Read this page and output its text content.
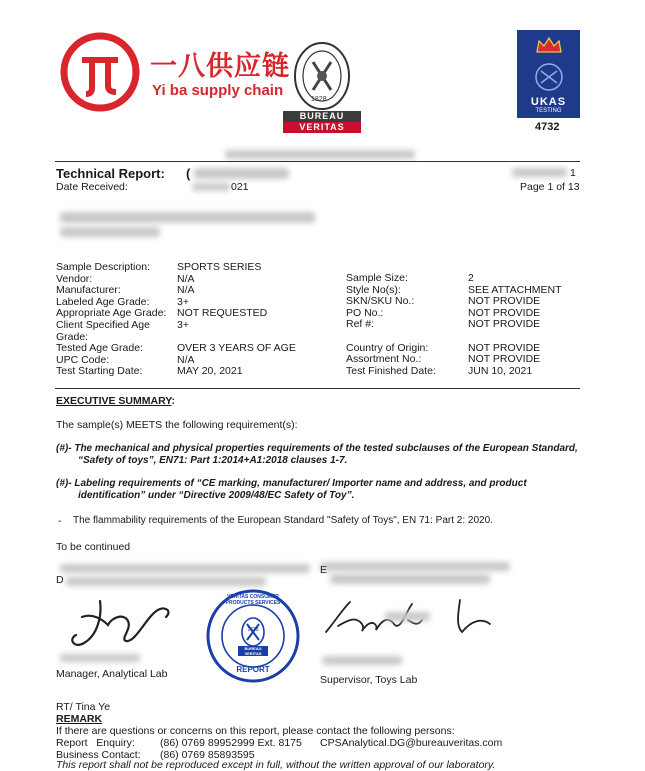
一八供应链
Yi ba supply chain
1828
BUREAU
VERITAS
UKAS
TESTING
4732
Technical Report: (	1
Date Received:	021	Page 1 of 13
Sample Description:	SPORTS SERIES
Vendor:	N/A
Manufacturer:	N/A
Labeled Age Grade:	3+
Appropriate Age Grade: NOT REQUESTED
Client Specified Age	3+
Grade:
Tested Age Grade:	OVER 3 YEARS OF AGE
UPC Code:	N/A
Test Starting Date:	MAY 20, 2021
Sample Size:	2
Style No(s):	SEE ATTACHMENT
SKN/SKU No.:	NOT PROVIDE
PO No.:	NOT PROVIDE
Ref #:	NOT PROVIDE
Country of Origin:	NOT PROVIDE
Assortment No.:	NOT PROVIDE
Test Finished Date:	JUN 10, 2021
EXECUTIVE SUMMARY:
The sample(s) MEETS the following requirement(s):
(#)- The mechanical and physical properties requirements of the tested subclauses of the European Standard,
“Safety of toys”, EN71: Part 1:2014+A1:2018 clauses 1-7.
(#)- Labeling requirements of “CE marking, manufacturer/ Importer name and address, and product
identification” under “Directive 2009/48/EC Safety of Toy”.
- The flammability requirements of the European Standard "Safety of Toys", EN 71: Part 2: 2020.
To be continued
D
E
Manager, Analytical Lab
VERITAS CONSUMER PRODUCTS SERVICES
BUREAU VERITAS
1828
REPORT
Supervisor, Toys Lab
RT/ Tina Ye
REMARK
If there are questions or concerns on this report, please contact the following persons:
Report   Enquiry: (86) 0769 89952999 Ext. 8175 CPSAnalytical.DG@bureauveritas.com
Business Contact: (86) 0769 85893595
This report shall not be reproduced except in full, without the written approval of our laboratory.
